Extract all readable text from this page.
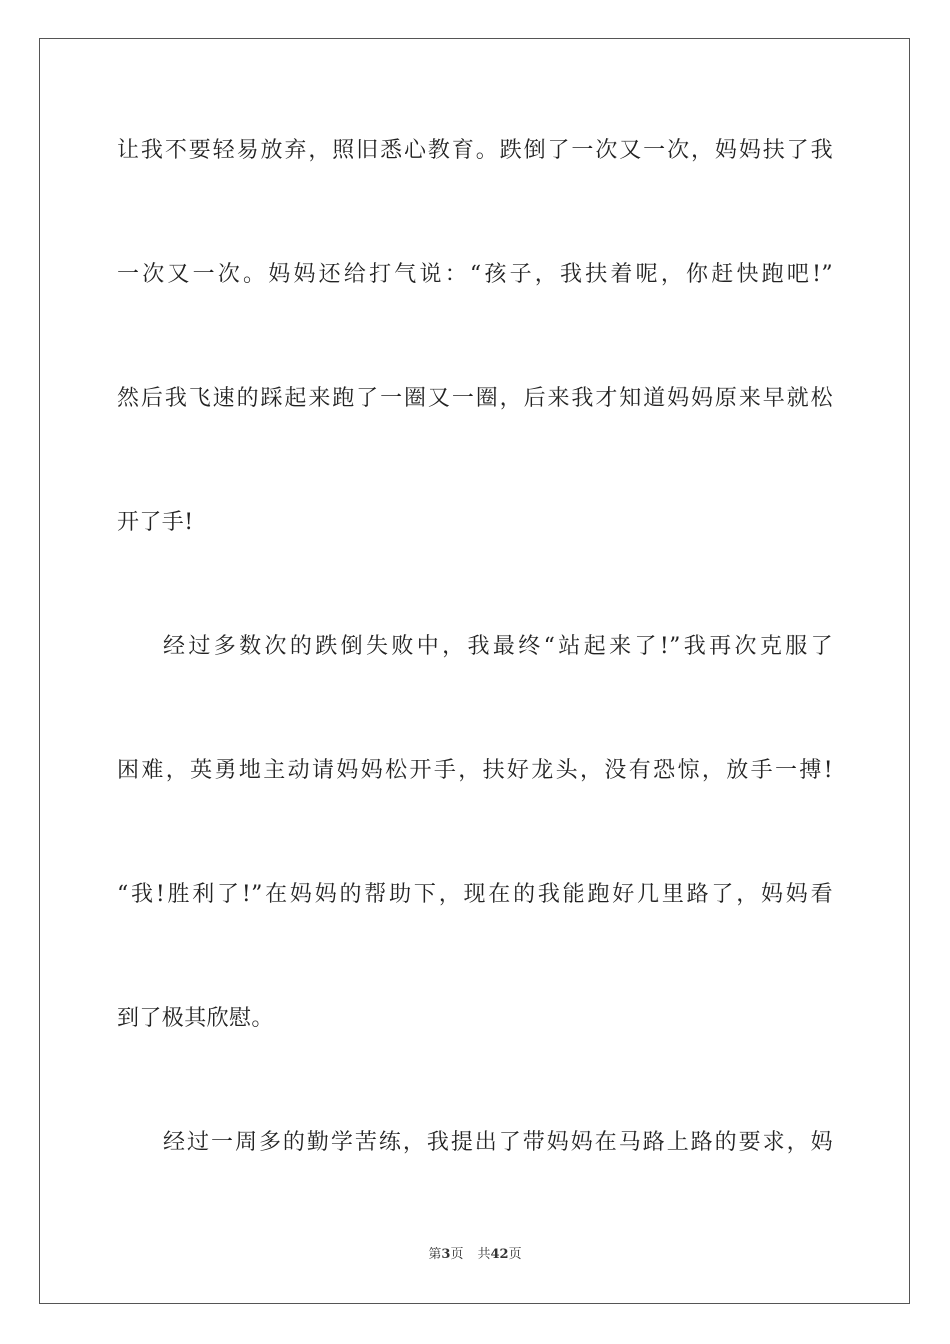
让我不要轻易放弃，照旧悉心教育。跌倒了一次又一次，妈妈扶了我
一次又一次。妈妈还给打气说：“孩子，我扶着呢，你赶快跑吧!”
然后我飞速的踩起来跑了一圈又一圈，后来我才知道妈妈原来早就松
开了手!
经过多数次的跌倒失败中，我最终“站起来了!”我再次克服了
困难，英勇地主动请妈妈松开手，扶好龙头，没有恐惊，放手一搏!
“我!胜利了!”在妈妈的帮助下，现在的我能跑好几里路了，妈妈看
到了极其欣慰。
经过一周多的勤学苦练，我提出了带妈妈在马路上路的要求，妈
第3页 共42页
